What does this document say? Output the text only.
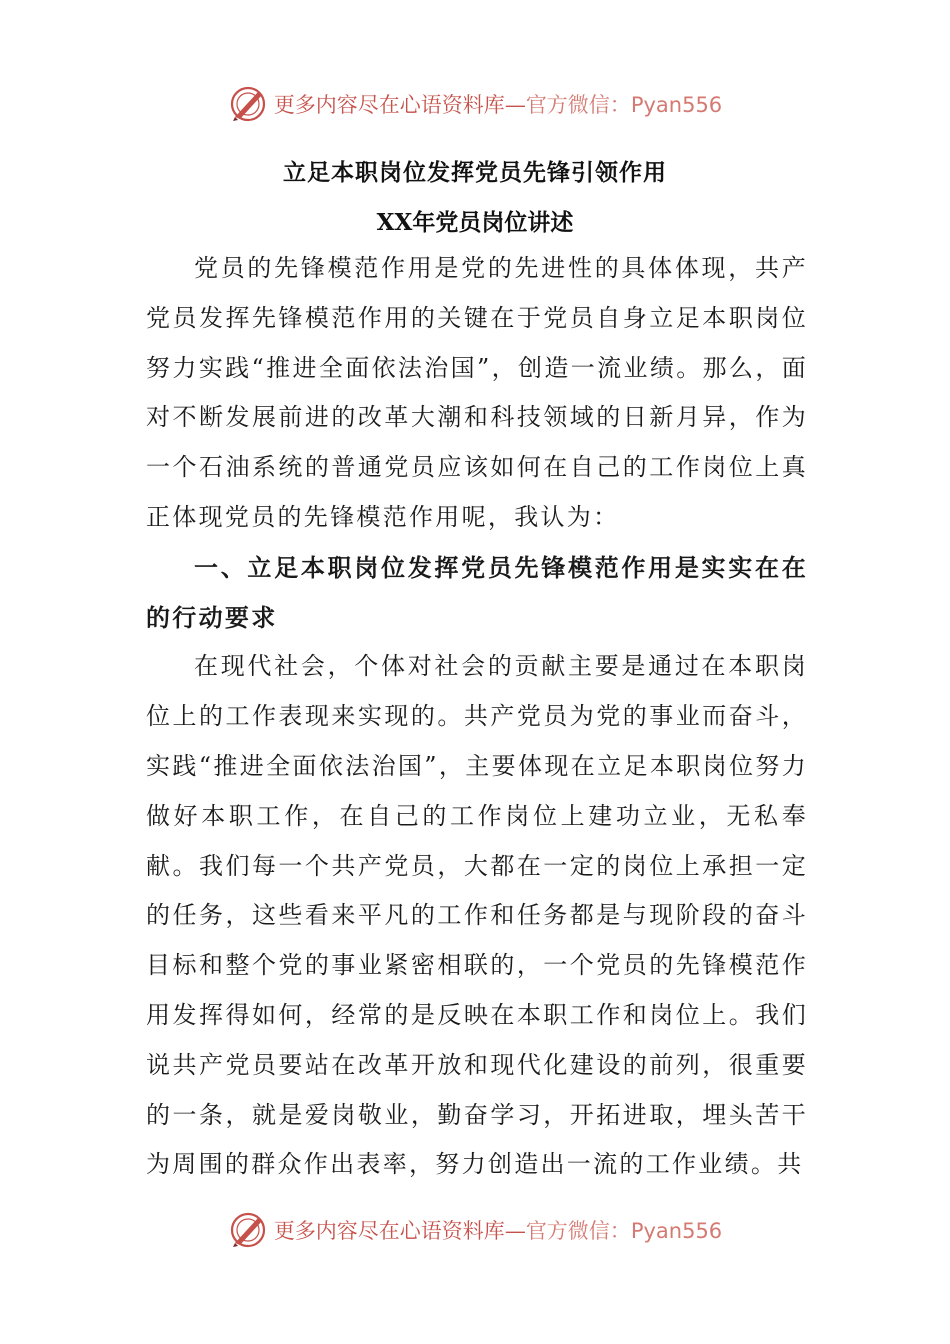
更多内容尽在心语资料库—官方微信：Pyan556
立足本职岗位发挥党员先锋引领作用
XX年党员岗位讲述

党员的先锋模范作用是党的先进性的具体体现，共产党员发挥先锋模范作用的关键在于党员自身立足本职岗位努力实践“推进全面依法治国”，创造一流业绩。那么，面对不断发展前进的改革大潮和科技领域的日新月异，作为一个石油系统的普通党员应该如何在自己的工作岗位上真正体现党员的先锋模范作用呢，我认为：

一、立足本职岗位发挥党员先锋模范作用是实实在在的行动要求

在现代社会，个体对社会的贡献主要是通过在本职岗位上的工作表现来实现的。共产党员为党的事业而奋斗，实践“推进全面依法治国”，主要体现在立足本职岗位努力做好本职工作，在自己的工作岗位上建功立业，无私奉献。我们每一个共产党员，大都在一定的岗位上承担一定的任务，这些看来平凡的工作和任务都是与现阶段的奋斗目标和整个党的事业紧密相联的，一个党员的先锋模范作用发挥得如何，经常的是反映在本职工作和岗位上。我们说共产党员要站在改革开放和现代化建设的前列，很重要的一条，就是爱岗敬业，勤奋学习，开拓进取，埋头苦干为周围的群众作出表率，努力创造出一流的工作业绩。共

更多内容尽在心语资料库—官方微信：Pyan556
